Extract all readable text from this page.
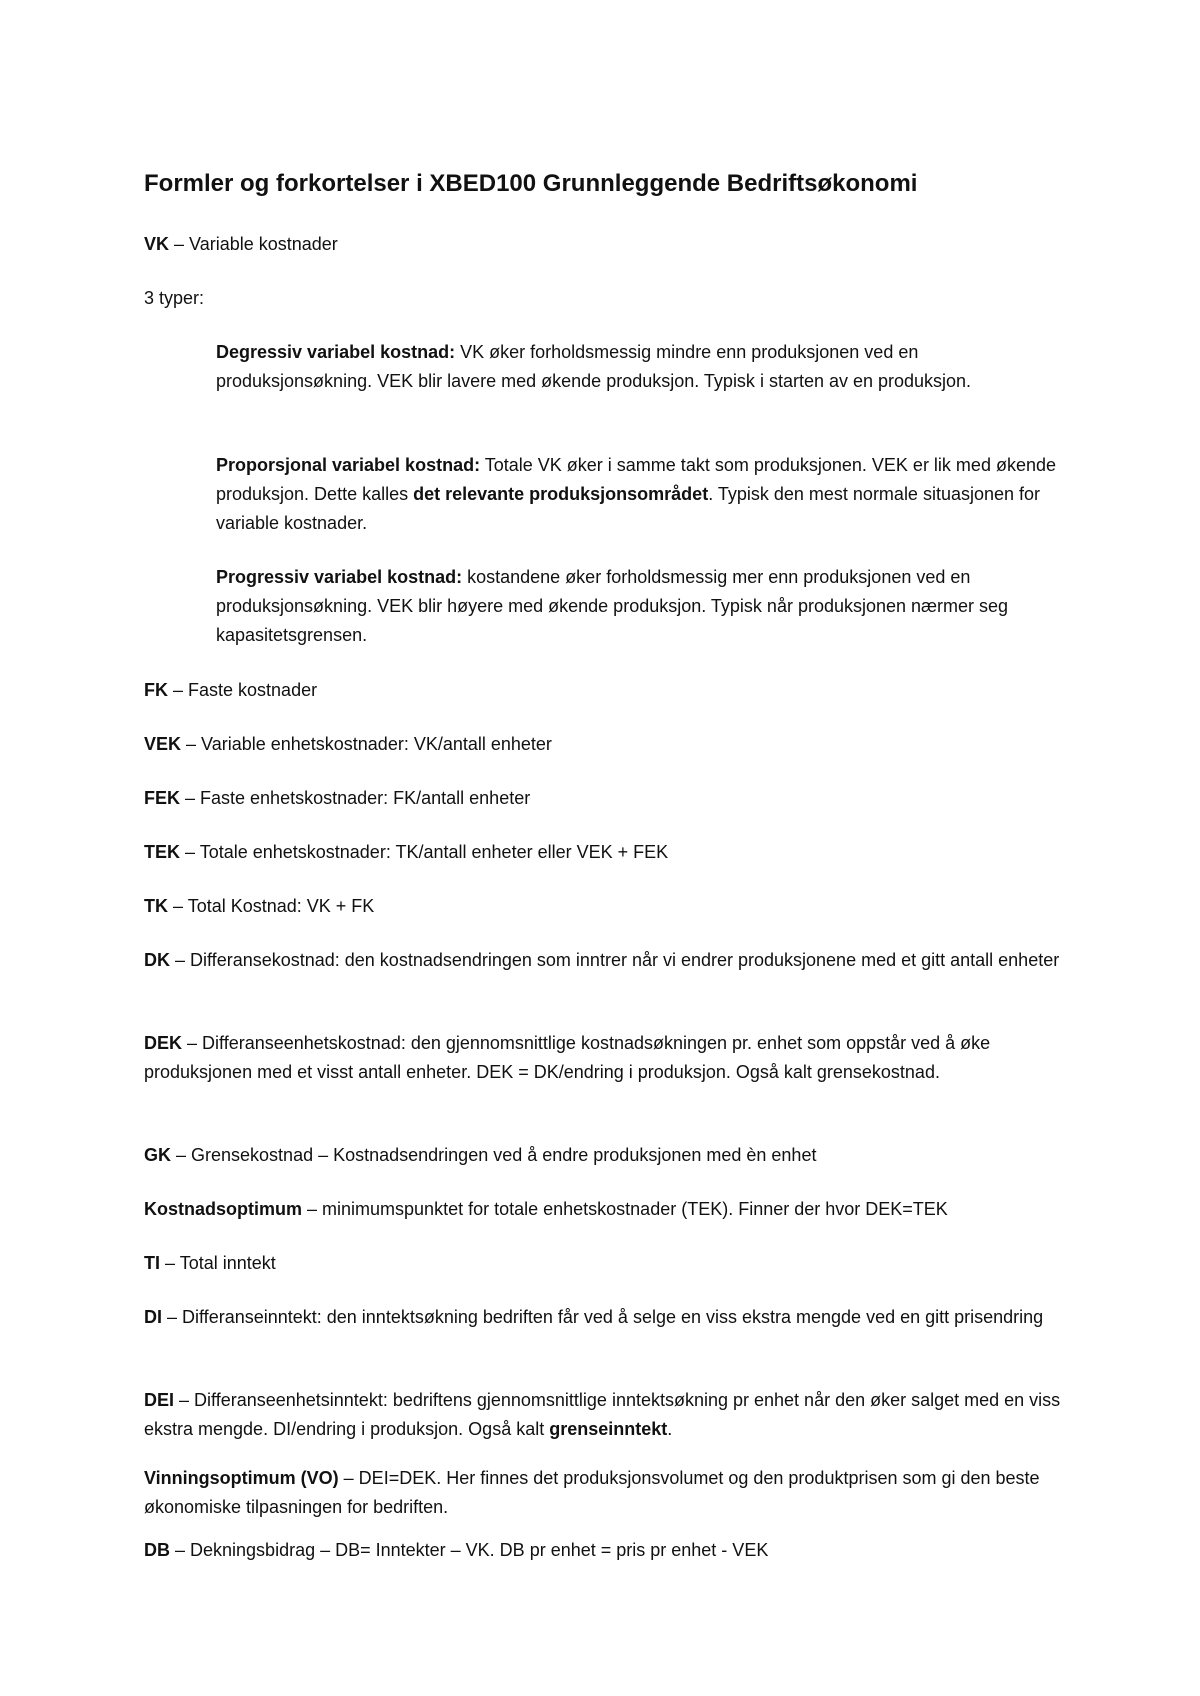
Formler og forkortelser i XBED100 Grunnleggende Bedriftsøkonomi

VK – Variable kostnader

3 typer:

Degressiv variabel kostnad: VK øker forholdsmessig mindre enn produksjonen ved en produksjonsøkning. VEK blir lavere med økende produksjon. Typisk i starten av en produksjon.

Proporsjonal variabel kostnad: Totale VK øker i samme takt som produksjonen. VEK er lik med økende produksjon. Dette kalles det relevante produksjonsområdet. Typisk den mest normale situasjonen for variable kostnader.

Progressiv variabel kostnad: kostandene øker forholdsmessig mer enn produksjonen ved en produksjonsøkning. VEK blir høyere med økende produksjon. Typisk når produksjonen nærmer seg kapasitetsgrensen.

FK – Faste kostnader

VEK – Variable enhetskostnader: VK/antall enheter

FEK – Faste enhetskostnader: FK/antall enheter

TEK – Totale enhetskostnader: TK/antall enheter eller VEK + FEK

TK – Total Kostnad: VK + FK

DK – Differansekostnad: den kostnadsendringen som inntrer når vi endrer produksjonene med et gitt antall enheter

DEK – Differanseenhetskostnad: den gjennomsnittlige kostnadsøkningen pr. enhet som oppstår ved å øke produksjonen med et visst antall enheter. DEK = DK/endring i produksjon. Også kalt grensekostnad.

GK – Grensekostnad – Kostnadsendringen ved å endre produksjonen med èn enhet

Kostnadsoptimum – minimumspunktet for totale enhetskostnader (TEK). Finner der hvor DEK=TEK

TI – Total inntekt

DI – Differanseinntekt: den inntektsøkning bedriften får ved å selge en viss ekstra mengde ved en gitt prisendring

DEI – Differanseenhetsinntekt: bedriftens gjennomsnittlige inntektsøkning pr enhet når den øker salget med en viss ekstra mengde. DI/endring i produksjon. Også kalt grenseinntekt.

Vinningsoptimum (VO) – DEI=DEK. Her finnes det produksjonsvolumet og den produktprisen som gi den beste økonomiske tilpasningen for bedriften.

DB – Dekningsbidrag – DB= Inntekter – VK. DB pr enhet = pris pr enhet - VEK
